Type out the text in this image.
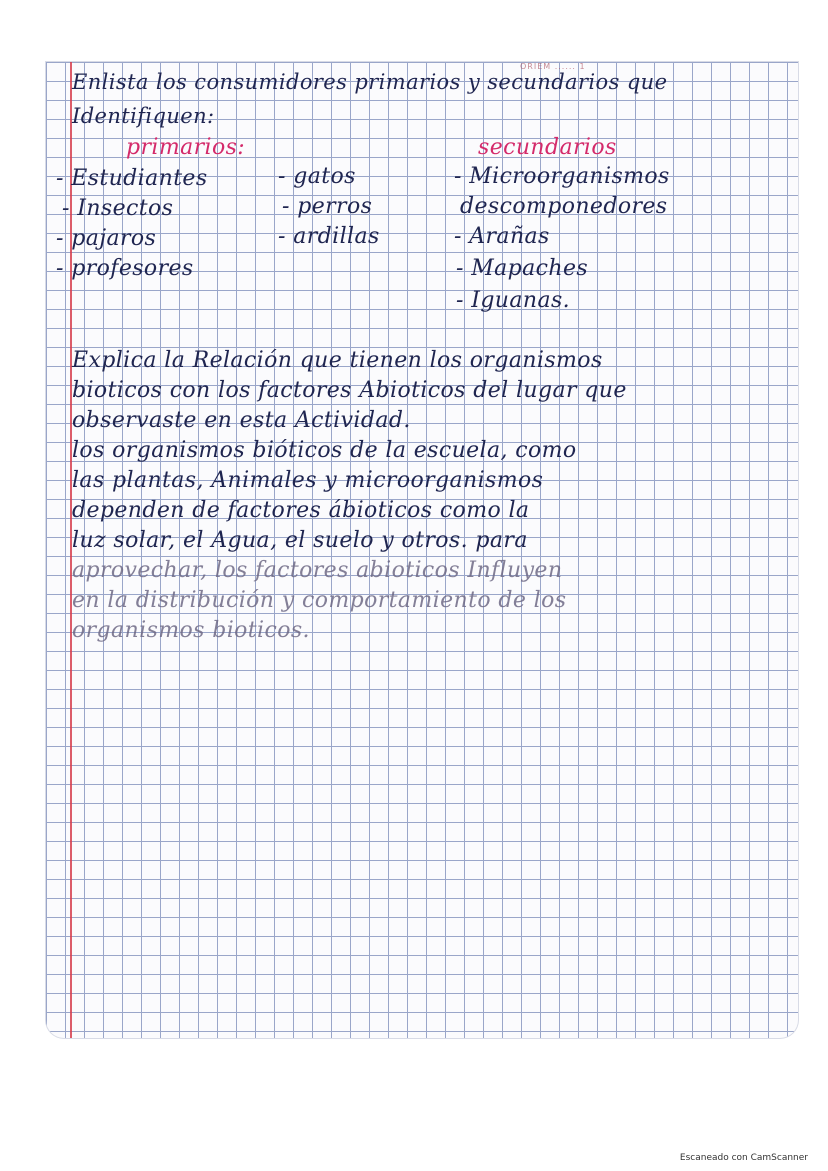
ORIEM ...... 1
Enlista los consumidores primarios y secundarios que
Identifiquen:
primarios:	secundarios
- Estudiantes
- Insectos
- pajaros
- profesores
- gatos
- perros
- ardillas
- Microorganismos
descomponedores
- Arañas
- Mapaches
- Iguanas.
Explica la Relación que tienen los organismos
bioticos con los factores Abioticos del lugar que
observaste en esta Actividad.
los organismos bióticos de la escuela, como
las plantas, Animales y microorganismos
dependen de factores ábioticos como la
luz solar, el Agua, el suelo y otros. para
aprovechar, los factores abioticos Influyen
en la distribución y comportamiento de los
organismos bioticos.
Escaneado con CamScanner
